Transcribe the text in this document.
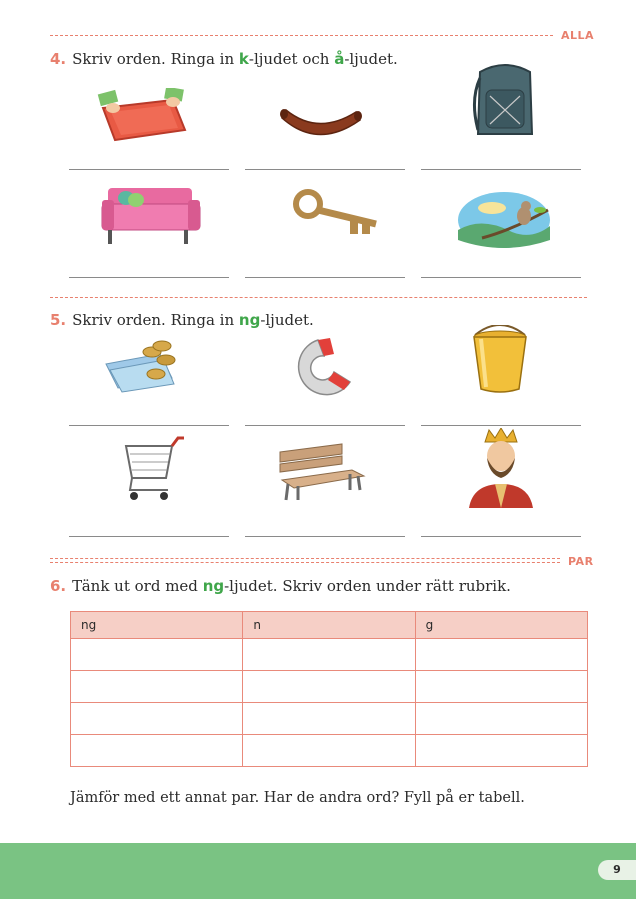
ALLA
4. Skriv orden. Ringa in k-ljudet och å-ljudet.
5. Skriv orden. Ringa in ng-ljudet.
PAR
6. Tänk ut ord med ng-ljudet. Skriv orden under rätt rubrik.
ng	n	g

Jämför med ett annat par. Har de andra ord? Fyll på er tabell.
9
